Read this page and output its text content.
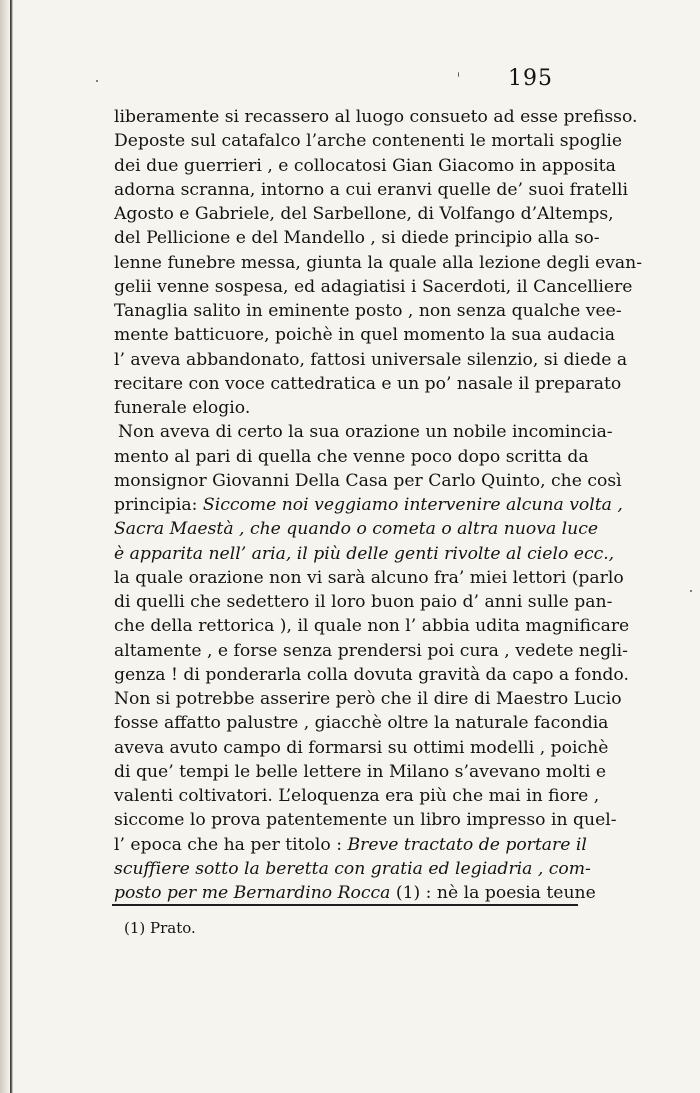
195
liberamente si recassero al luogo consueto ad esse prefisso.
Deposte sul catafalco l’arche contenenti le mortali spoglie
dei due guerrieri , e collocatosi Gian Giacomo in apposita
adorna scranna, intorno a cui eranvi quelle de’ suoi fratelli
Agosto e Gabriele, del Sarbellone, di Volfango d’Altemps,
del Pellicione e del Mandello , si diede principio alla so-
lenne funebre messa, giunta la quale alla lezione degli evan-
gelii venne sospesa, ed adagiatisi i Sacerdoti, il Cancelliere
Tanaglia salito in eminente posto , non senza qualche vee-
mente batticuore, poichè in quel momento la sua audacia
l’ aveva abbandonato, fattosi universale silenzio, si diede a
recitare con voce cattedratica e un po’ nasale il preparato
funerale elogio.
Non aveva di certo la sua orazione un nobile incomincia-
mento al pari di quella che venne poco dopo scritta da
monsignor Giovanni Della Casa per Carlo Quinto, che così
principia: Siccome noi veggiamo intervenire alcuna volta ,
Sacra Maestà , che quando o cometa o altra nuova luce
è apparita nell’ aria, il più delle genti rivolte al cielo ecc.,
la quale orazione non vi sarà alcuno fra’ miei lettori (parlo
di quelli che sedettero il loro buon paio d’ anni sulle pan-
che della rettorica ), il quale non l’ abbia udita magnificare
altamente , e forse senza prendersi poi cura , vedete negli-
genza ! di ponderarla colla dovuta gravità da capo a fondo.
Non si potrebbe asserire però che il dire di Maestro Lucio
fosse affatto palustre , giacchè oltre la naturale facondia
aveva avuto campo di formarsi su ottimi modelli , poichè
di que’ tempi le belle lettere in Milano s’avevano molti e
valenti coltivatori. L’eloquenza era più che mai in fiore ,
siccome lo prova patentemente un libro impresso in quel-
l’ epoca che ha per titolo : Breve tractato de portare il
scuffiere sotto la beretta con gratia ed legiadria , com-
posto per me Bernardino Rocca (1) : nè la poesia teune
(1) Prato.
